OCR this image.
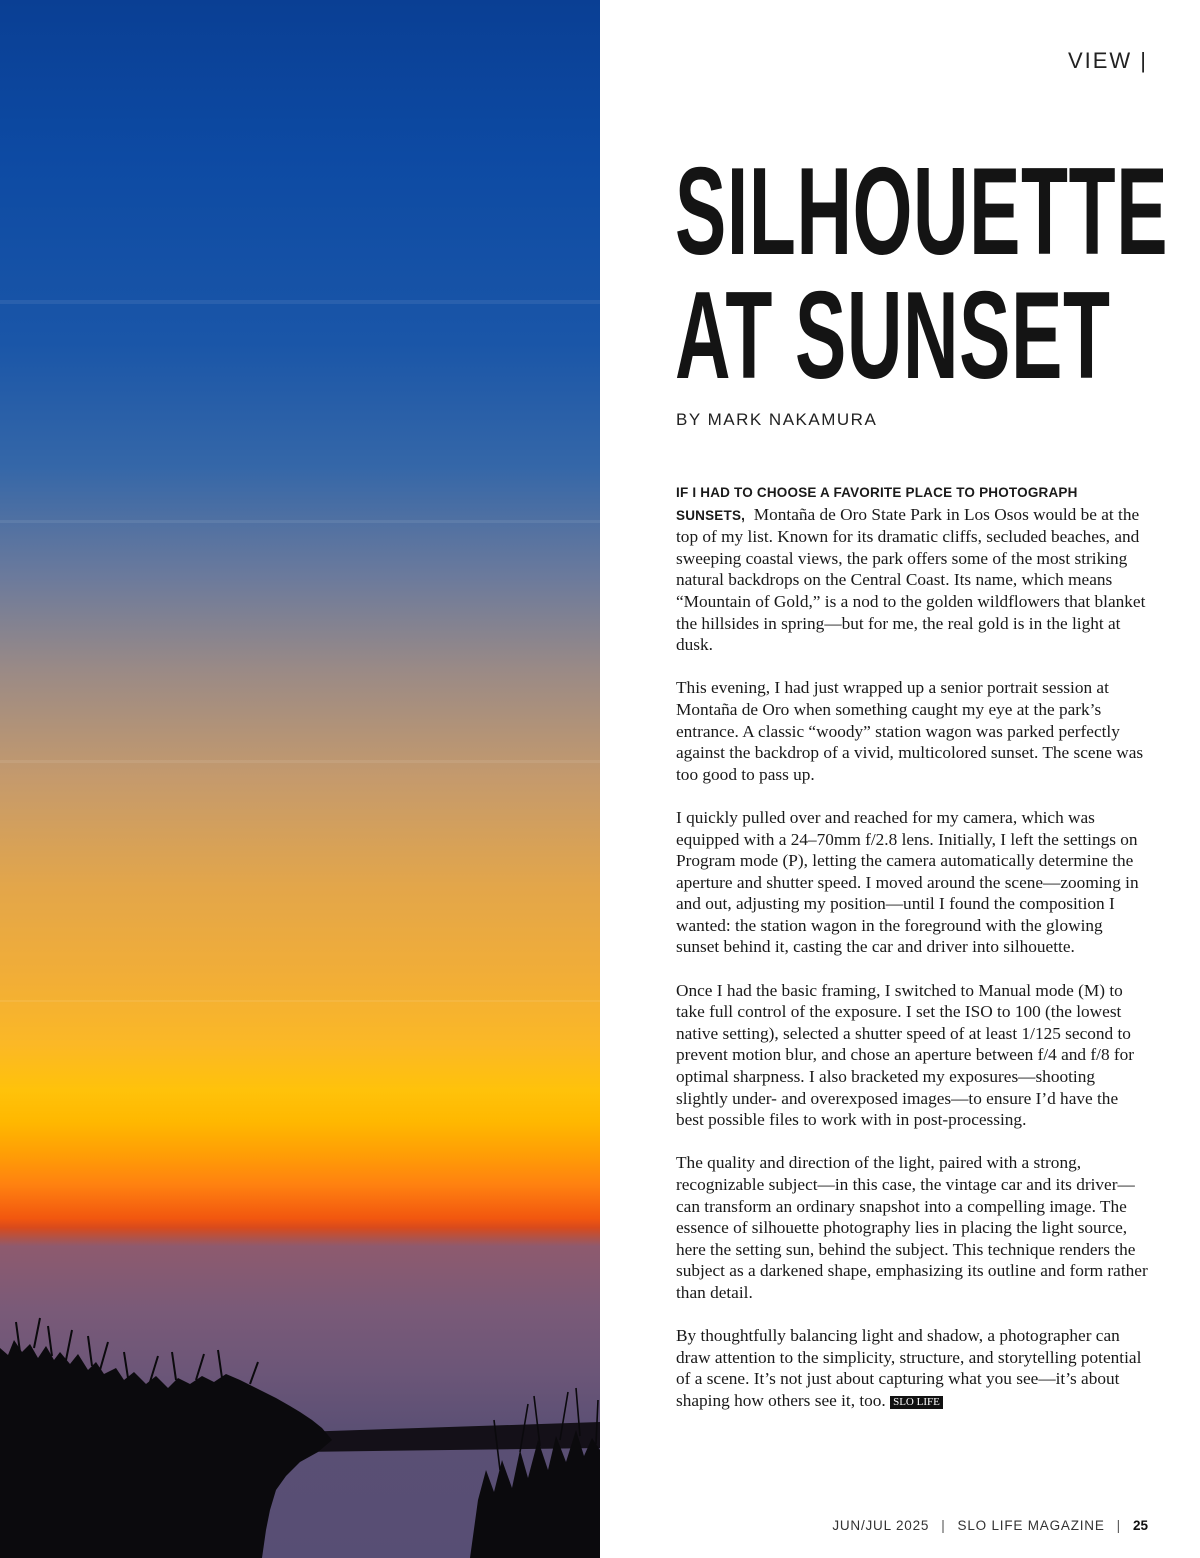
VIEW |
SILHOUETTE
AT SUNSET
BY MARK NAKAMURA

IF I HAD TO CHOOSE A FAVORITE PLACE TO PHOTOGRAPH SUNSETS, Montaña de Oro State Park in Los Osos would be at the top of my list. Known for its dramatic cliffs, secluded beaches, and sweeping coastal views, the park offers some of the most striking natural backdrops on the Central Coast. Its name, which means “Mountain of Gold,” is a nod to the golden wildflowers that blanket the hillsides in spring—but for me, the real gold is in the light at dusk.

This evening, I had just wrapped up a senior portrait session at Montaña de Oro when something caught my eye at the park’s entrance. A classic “woody” station wagon was parked perfectly against the backdrop of a vivid, multicolored sunset. The scene was too good to pass up.

I quickly pulled over and reached for my camera, which was equipped with a 24–70mm f/2.8 lens. Initially, I left the settings on Program mode (P), letting the camera automatically determine the aperture and shutter speed. I moved around the scene—zooming in and out, adjusting my position—until I found the composition I wanted: the station wagon in the foreground with the glowing sunset behind it, casting the car and driver into silhouette.

Once I had the basic framing, I switched to Manual mode (M) to take full control of the exposure. I set the ISO to 100 (the lowest native setting), selected a shutter speed of at least 1/125 second to prevent motion blur, and chose an aperture between f/4 and f/8 for optimal sharpness. I also bracketed my exposures—shooting slightly under- and overexposed images—to ensure I’d have the best possible files to work with in post-processing.

The quality and direction of the light, paired with a strong, recognizable subject—in this case, the vintage car and its driver—can transform an ordinary snapshot into a compelling image. The essence of silhouette photography lies in placing the light source, here the setting sun, behind the subject. This technique renders the subject as a darkened shape, emphasizing its outline and form rather than detail.

By thoughtfully balancing light and shadow, a photographer can draw attention to the simplicity, structure, and storytelling potential of a scene. It’s not just about capturing what you see—it’s about shaping how others see it, too. SLO LIFE

JUN/JUL 2025 | SLO LIFE MAGAZINE | 25
